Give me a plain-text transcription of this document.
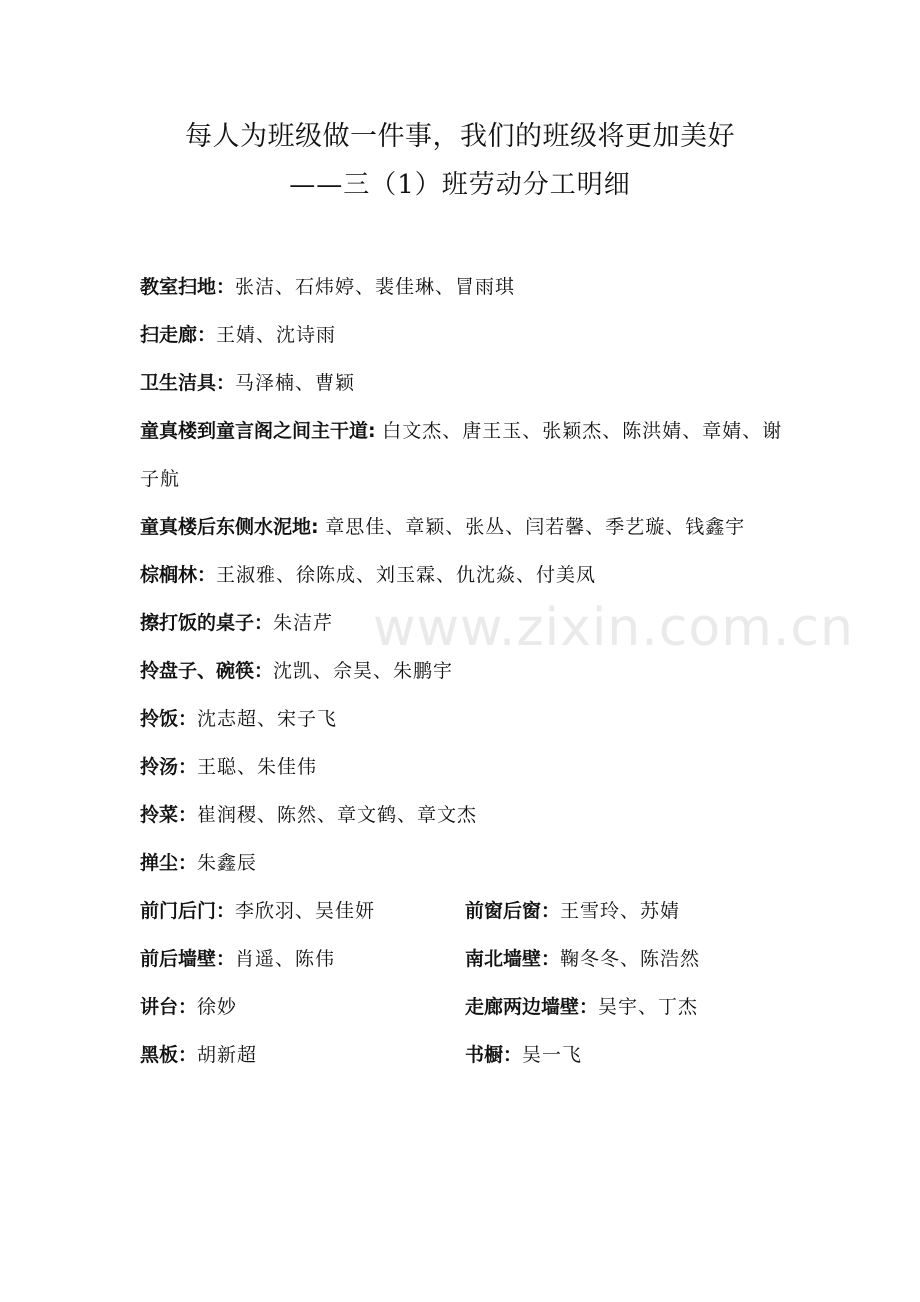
每人为班级做一件事，我们的班级将更加美好
——三（1）班劳动分工明细
教室扫地：张洁、石炜婷、裴佳琳、冒雨琪
扫走廊：王婧、沈诗雨
卫生洁具：马泽楠、曹颖
童真楼到童言阁之间主干道: 白文杰、唐王玉、张颖杰、陈洪婧、章婧、谢子航
童真楼后东侧水泥地: 章思佳、章颖、张丛、闫若馨、季艺璇、钱鑫宇
棕榈林：王淑雅、徐陈成、刘玉霖、仇沈焱、付美凤
擦打饭的桌子：朱洁芹
拎盘子、碗筷：沈凯、佘昊、朱鹏宇
拎饭：沈志超、宋子飞
拎汤：王聪、朱佳伟
拎菜：崔润稷、陈然、章文鹤、章文杰
掸尘：朱鑫辰
前门后门：李欣羽、吴佳妍	前窗后窗：王雪玲、苏婧
前后墙壁：肖遥、陈伟	南北墙壁：鞠冬冬、陈浩然
讲台：徐妙	走廊两边墙壁：吴宇、丁杰
黑板：胡新超	书橱：吴一飞
www.zixin.com.cn
